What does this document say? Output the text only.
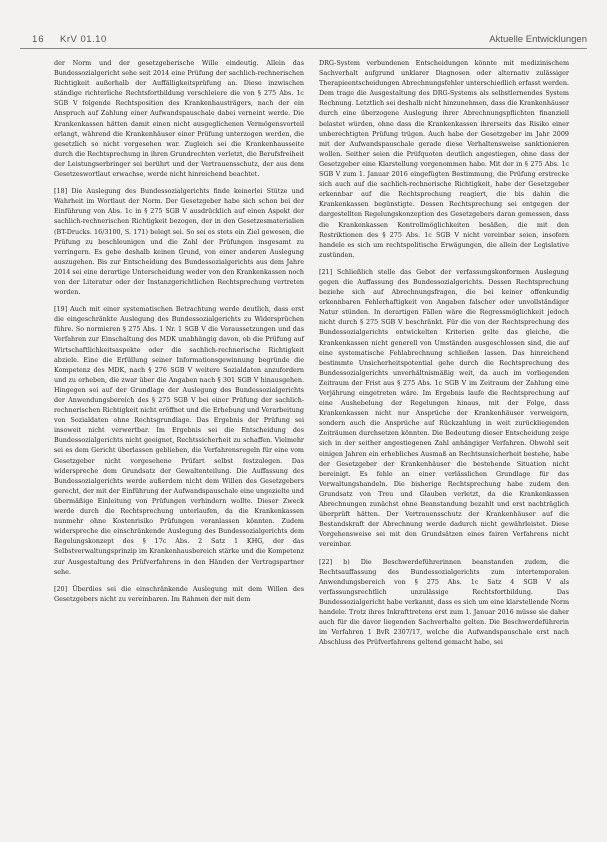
16 KrV 01.10	Aktuelle Entwicklungen

der Norm und der gesetzgeberische Wille eindeutig. Allein das Bundessozialgericht sehe seit 2014 eine Prüfung der sachlich-rechnerischen Richtigkeit außerhalb der Auffälligkeitsprüfung an. Diese inzwischen ständige richterliche Rechtsfortbildung verschleiere die von § 275 Abs. 1c SGB V folgende Rechtsposition des Krankenhausträgers, nach der ein Anspruch auf Zahlung einer Aufwandspauschale dabei verneint werde. Die Krankenkassen hätten damit einen nicht ausgeglichenen Vermögensvorteil erlangt, während die Krankenhäuser einer Prüfung unterzogen werden, die gesetzlich so nicht vorgesehen war. Zugleich sei die Krankenhausseite durch die Rechtsprechung in ihren Grundrechten verletzt, die Berufsfreiheit der Leistungserbringer sei berührt und der Vertrauensschutz, der aus dem Gesetzeswortlaut erwachse, werde nicht hinreichend beachtet.

[18] Die Auslegung des Bundessozialgerichts finde keinerlei Stütze und Wahrheit im Wortlaut der Norm. Der Gesetzgeber habe sich schon bei der Einführung von Abs. 1c in § 275 SGB V ausdrücklich auf einen Aspekt der sachlich-rechnerischen Richtigkeit bezogen, der in den Gesetzesmaterialien (BT-Drucks. 16/3100, S. 171) belegt sei. So sei es stets ein Ziel gewesen, die Prüfung zu beschleunigen und die Zahl der Prüfungen insgesamt zu verringern. Es gebe deshalb keinen Grund, von einer anderen Auslegung auszugehen. Bis zur Entscheidung des Bundessozialgerichts aus dem Jahre 2014 sei eine derartige Unterscheidung weder von den Krankenkassen noch von der Literatur oder der Instanzgerichtlichen Rechtsprechung vertreten worden.

[19] Auch mit einer systematischen Betrachtung werde deutlich, dass erst die eingeschränkte Auslegung des Bundessozialgerichts zu Widersprüchen führe. So normieren § 275 Abs. 1 Nr. 1 SGB V die Voraussetzungen und das Verfahren zur Einschaltung des MDK unabhängig davon, ob die Prüfung auf Wirtschaftlichkeitsaspekte oder die sachlich-rechnerische Richtigkeit abziele. Eine die Erfüllung seiner Informationsgewinnung begründe die Kompetenz des MDK, nach § 276 SGB V weitere Sozialdaten anzufordern und zu erheben, die zwar über die Angaben nach § 301 SGB V hinausgehen. Hingegen sei auf der Grundlage der Auslegung des Bundessozialgerichts der Anwendungsbereich des § 275 SGB V bei einer Prüfung der sachlich-rechnerischen Richtigkeit nicht eröffnet und die Erhebung und Verarbeitung von Sozialdaten ohne Rechtsgrundlage. Das Ergebnis der Prüfung sei insoweit nicht verwertbar. Im Ergebnis sei die Entscheidung des Bundessozialgerichts nicht geeignet, Rechtssicherheit zu schaffen. Vielmehr sei es dem Gericht überlassen geblieben, die Verfahrensregeln für eine vom Gesetzgeber nicht vorgesehene Prüfart selbst festzulegen. Das widerspreche dem Grundsatz der Gewaltenteilung. Die Auffassung des Bundessozialgerichts werde außerdem nicht dem Willen des Gesetzgebers gerecht, der mit der Einführung der Aufwandspauschale eine ungezielte und übermäßige Einleitung von Prüfungen verhindern wollte. Dieser Zweck werde durch die Rechtsprechung unterlaufen, da die Krankenkassen nunmehr ohne Kostenrisiko Prüfungen veranlassen könnten. Zudem widerspreche die einschränkende Auslegung des Bundessozialgerichts dem Regelungskonzept des § 17c Abs. 2 Satz 1 KHG, der das Selbstverwaltungsprinzip im Krankenhausbereich stärke und die Kompetenz zur Ausgestaltung des Prüfverfahrens in den Händen der Vertragspartner sehe.

[20] Überdies sei die einschränkende Auslegung mit dem Willen des Gesetzgebers nicht zu vereinbaren. Im Rahmen der mit dem

DRG-System verbundenen Entscheidungen könnte mit medizinischem Sachverhalt aufgrund unklarer Diagnosen oder alternativ zulässiger Therapieentscheidungen Abrechnungsfehler unterschiedlich erfasst werden. Dem trage die Ausgestaltung des DRG-Systems als selbstlernendes System Rechnung. Letztlich sei deshalb nicht hinzunehmen, dass die Krankenhäuser durch eine überzogene Auslegung ihrer Abrechnungspflichten finanziell belastet würden, ohne dass die Krankenkassen ihrerseits das Risiko einer unberechtigten Prüfung trügen. Auch habe der Gesetzgeber im Jahr 2009 mit der Aufwandspauschale gerade diese Verhaltensweise sanktionieren wollen. Seither seien die Prüfquoten deutlich angestiegen, ohne dass der Gesetzgeber eine Klarstellung vorgenommen habe. Mit der in § 275 Abs. 1c SGB V zum 1. Januar 2016 eingefügten Bestimmung, die Prüfung erstrecke sich auch auf die sachlich-rechnerische Richtigkeit, habe der Gesetzgeber erkennbar auf die Rechtsprechung reagiert, die bis dahin die Krankenkassen begünstigte. Dessen Rechtsprechung sei entgegen der dargestellten Regelungskonzeption des Gesetzgebers daran gemessen, dass die Krankenkassen Kontrollmöglichkeiten besäßen, die mit den Restriktionen des § 275 Abs. 1c SGB V nicht vereinbar seien, insofern handele es sich um rechtspolitische Erwägungen, die allein der Legislative zustünden.

[21] Schließlich stelle das Gebot der verfassungskonformen Auslegung gegen die Auffassung des Bundessozialgerichts. Dessen Rechtsprechung beziehe sich auf Abrechnungsfragen, die bei keiner offenkundig erkennbaren Fehlerhaftigkeit von Angaben falscher oder unvollständiger Natur stünden. In derartigen Fällen wäre die Regressmöglichkeit jedoch nicht durch § 275 SGB V beschränkt. Für die von der Rechtsprechung des Bundessozialgerichts entwickelten Kriterien gelte das gleiche, die Krankenkassen nicht generell von Umständen ausgeschlossen sind, die auf eine systematische Fehlabrechnung schließen lassen. Das hinreichend bestimmte Unsicherheitspotential gehe durch die Rechtsprechung des Bundessozialgerichts unverhältnismäßig weit, da auch im vorliegenden Zeitraum der Frist aus § 275 Abs. 1c SGB V im Zeitraum der Zahlung eine Verjährung eingetreten wäre. Im Ergebnis laufe die Rechtsprechung auf eine Aushebelung der Regelungen hinaus, mit der Folge, dass Krankenkassen nicht nur Ansprüche der Krankenhäuser verweigern, sondern auch die Ansprüche auf Rückzahlung in weit zurückliegenden Zeiträumen durchsetzen könnten. Die Bedeutung dieser Entscheidung zeige sich in der seither angestiegenen Zahl anhängiger Verfahren. Obwohl seit einigen Jahren ein erhebliches Ausmaß an Rechtsunsicherheit bestehe, habe der Gesetzgeber der Krankenhäuser die bestehende Situation nicht bereinigt. Es fehle an einer verlässlichen Grundlage für das Verwaltungshandeln. Die bisherige Rechtsprechung habe zudem den Grundsatz von Treu und Glauben verletzt, da die Krankenkassen Abrechnungen zunächst ohne Beanstandung bezahlt und erst nachträglich überprüft hätten. Der Vertrauensschutz der Krankenhäuser auf die Bestandskraft der Abrechnung werde dadurch nicht gewährleistet. Diese Vorgehensweise sei mit den Grundsätzen eines fairen Verfahrens nicht vereinbar.

[22] b) Die Beschwerdeführerinnen beanstanden zudem, die Rechtsauffassung des Bundessozialgerichts zum intertemporalen Anwendungsbereich von § 275 Abs. 1c Satz 4 SGB V als verfassungsrechtlich unzulässige Rechtsfortbildung. Das Bundessozialgericht habe verkannt, dass es sich um eine klarstellende Norm handele. Trotz ihres Inkrafttretens erst zum 1. Januar 2016 müsse sie daher auch für die davor liegenden Sachverhalte gelten. Die Beschwerdeführerin im Verfahren 1 BvR 2307/17, welche die Aufwandspauschale erst nach Abschluss des Prüfverfahrens geltend gemacht habe, sei
